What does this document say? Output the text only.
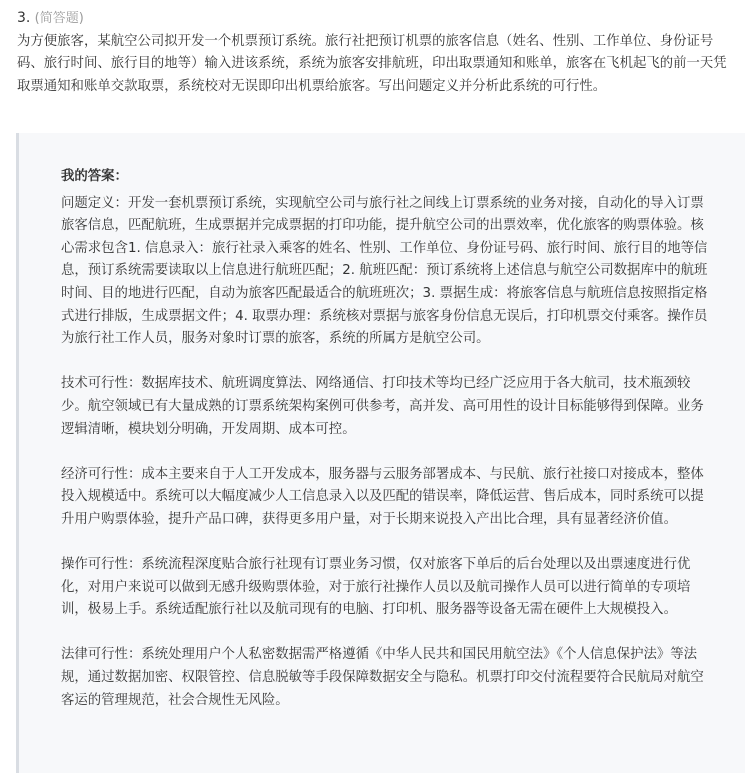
3. (简答题)
为方便旅客，某航空公司拟开发一个机票预订系统。旅行社把预订机票的旅客信息（姓名、性别、工作单位、身份证号码、旅行时间、旅行目的地等）输入进该系统，系统为旅客安排航班，印出取票通知和账单，旅客在飞机起飞的前一天凭取票通知和账单交款取票，系统校对无误即印出机票给旅客。写出问题定义并分析此系统的可行性。
我的答案：
问题定义：开发一套机票预订系统，实现航空公司与旅行社之间线上订票系统的业务对接，自动化的导入订票旅客信息，匹配航班，生成票据并完成票据的打印功能，提升航空公司的出票效率，优化旅客的购票体验。核心需求包含1. 信息录入：旅行社录入乘客的姓名、性别、工作单位、身份证号码、旅行时间、旅行目的地等信息，预订系统需要读取以上信息进行航班匹配；2. 航班匹配：预订系统将上述信息与航空公司数据库中的航班时间、目的地进行匹配，自动为旅客匹配最适合的航班班次；3. 票据生成：将旅客信息与航班信息按照指定格式进行排版，生成票据文件；4. 取票办理：系统核对票据与旅客身份信息无误后，打印机票交付乘客。操作员为旅行社工作人员，服务对象时订票的旅客，系统的所属方是航空公司。
技术可行性：数据库技术、航班调度算法、网络通信、打印技术等均已经广泛应用于各大航司，技术瓶颈较少。航空领域已有大量成熟的订票系统架构案例可供参考，高并发、高可用性的设计目标能够得到保障。业务逻辑清晰，模块划分明确，开发周期、成本可控。
经济可行性：成本主要来自于人工开发成本，服务器与云服务部署成本、与民航、旅行社接口对接成本，整体投入规模适中。系统可以大幅度减少人工信息录入以及匹配的错误率，降低运营、售后成本，同时系统可以提升用户购票体验，提升产品口碑，获得更多用户量，对于长期来说投入产出比合理，具有显著经济价值。
操作可行性：系统流程深度贴合旅行社现有订票业务习惯，仅对旅客下单后的后台处理以及出票速度进行优化，对用户来说可以做到无感升级购票体验，对于旅行社操作人员以及航司操作人员可以进行简单的专项培训，极易上手。系统适配旅行社以及航司现有的电脑、打印机、服务器等设备无需在硬件上大规模投入。
法律可行性：系统处理用户个人私密数据需严格遵循《中华人民共和国民用航空法》《个人信息保护法》等法规，通过数据加密、权限管控、信息脱敏等手段保障数据安全与隐私。机票打印交付流程要符合民航局对航空客运的管理规范，社会合规性无风险。
